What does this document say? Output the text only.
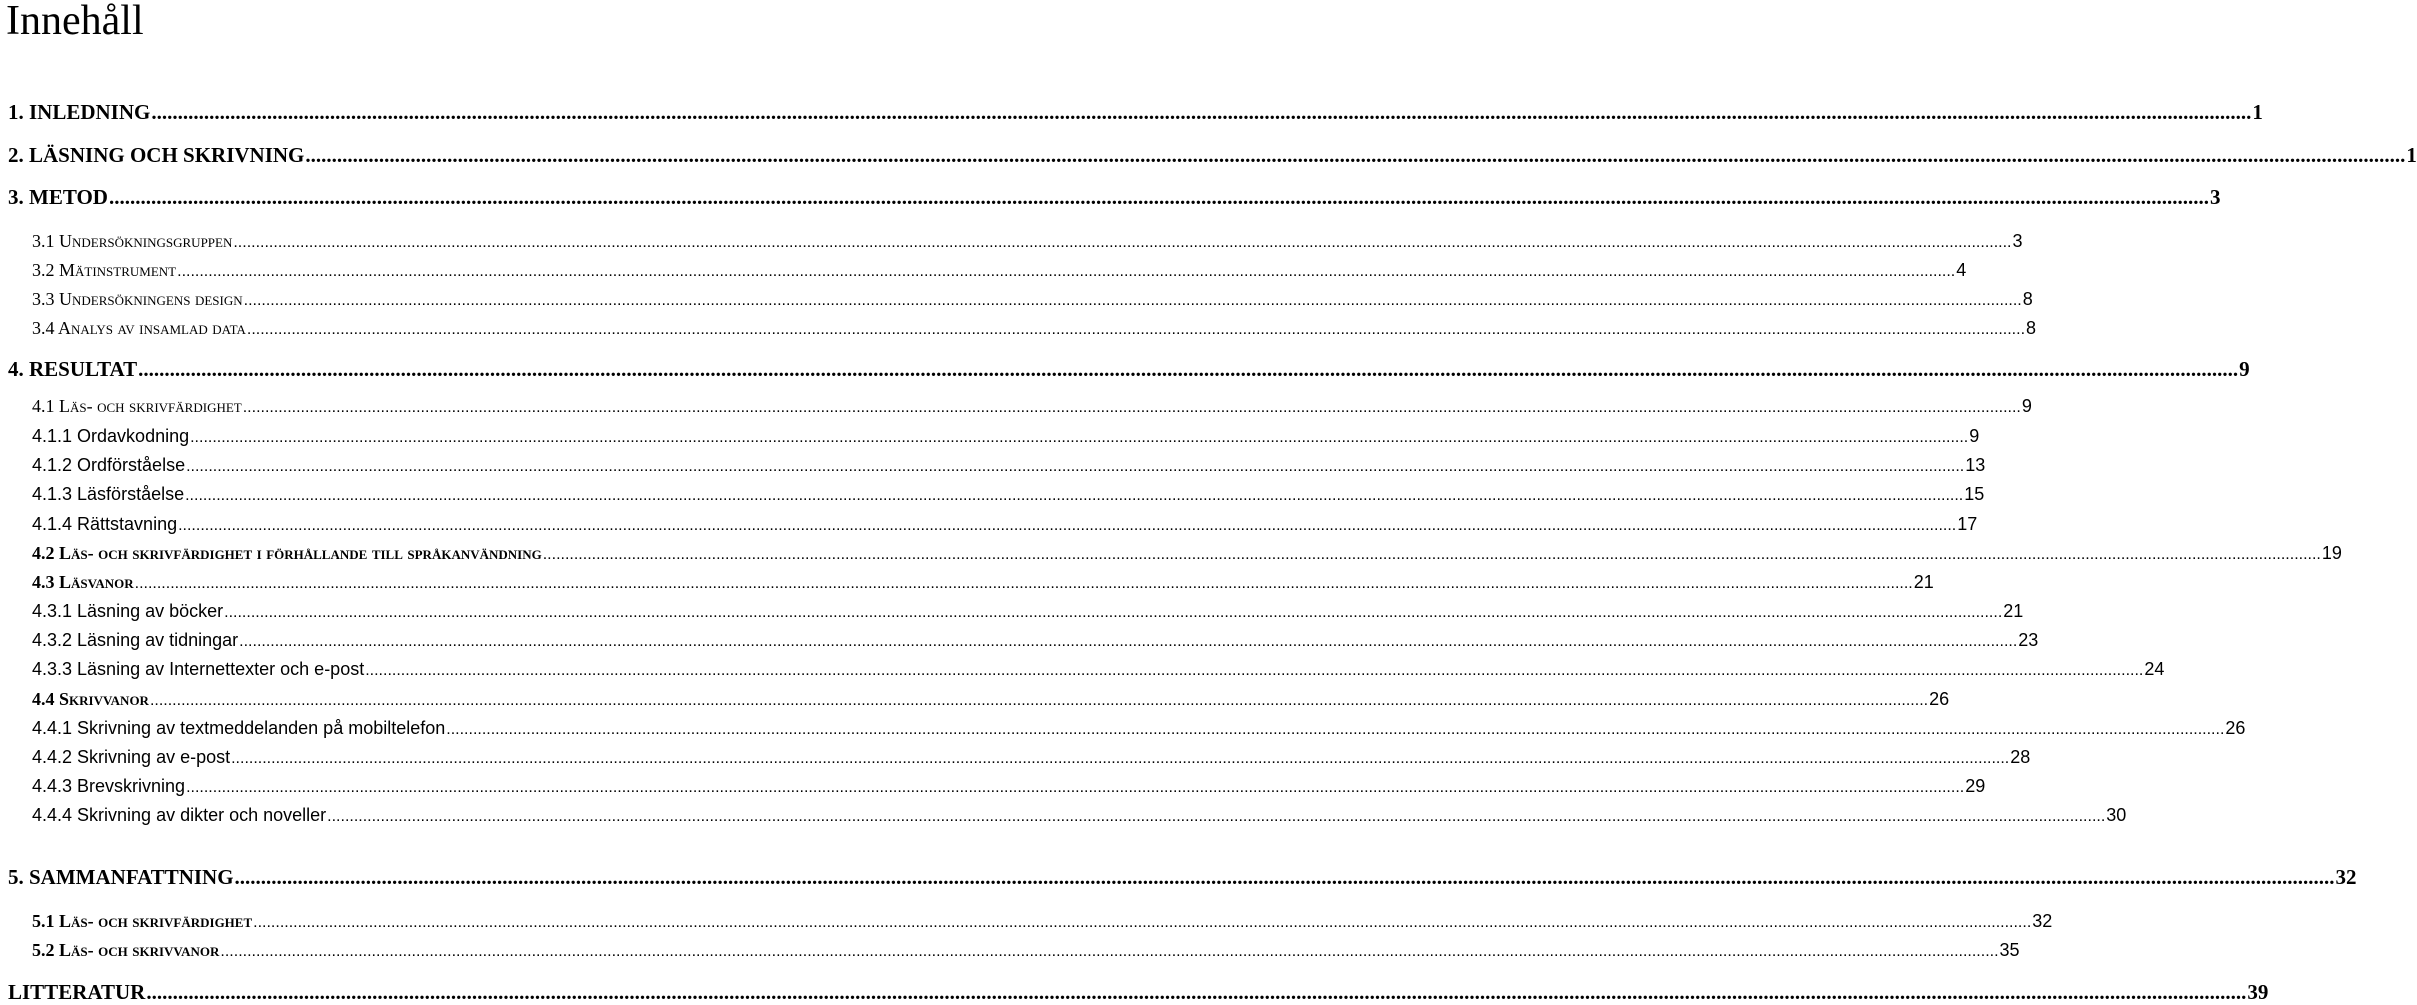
Innehåll
1. INLEDNING ................................................................................................................................................................................................................................................................................................................................................................................................................ 1
2. LÄSNING OCH SKRIVNING ................................................................................................................................................................................................................................................................................................................................................................................................................ 1
3. METOD ................................................................................................................................................................................................................................................................................................................................................................................................................ 3
3.1 Undersökningsgruppen ................................................................................................................................................................................................................................................................................................................................................................................................................ 3
3.2 Mätinstrument ................................................................................................................................................................................................................................................................................................................................................................................................................ 4
3.3 Undersökningens design ................................................................................................................................................................................................................................................................................................................................................................................................................ 8
3.4 Analys av insamlad data ................................................................................................................................................................................................................................................................................................................................................................................................................ 8
4. RESULTAT ................................................................................................................................................................................................................................................................................................................................................................................................................ 9
4.1 Läs- och skrivfärdighet ................................................................................................................................................................................................................................................................................................................................................................................................................ 9
4.1.1 Ordavkodning ................................................................................................................................................................................................................................................................................................................................................................................................................ 9
4.1.2 Ordförståelse ................................................................................................................................................................................................................................................................................................................................................................................................................ 13
4.1.3 Läsförståelse ................................................................................................................................................................................................................................................................................................................................................................................................................ 15
4.1.4 Rättstavning ................................................................................................................................................................................................................................................................................................................................................................................................................ 17
4.2 Läs- och skrivfärdighet i förhållande till språkanvändning ................................................................................................................................................................................................................................................................................................................................................................................................................ 19
4.3 Läsvanor ................................................................................................................................................................................................................................................................................................................................................................................................................ 21
4.3.1 Läsning av böcker ................................................................................................................................................................................................................................................................................................................................................................................................................ 21
4.3.2 Läsning av tidningar ................................................................................................................................................................................................................................................................................................................................................................................................................ 23
4.3.3 Läsning av Internettexter och e-post ................................................................................................................................................................................................................................................................................................................................................................................................................ 24
4.4 Skrivvanor ................................................................................................................................................................................................................................................................................................................................................................................................................ 26
4.4.1 Skrivning av textmeddelanden på mobiltelefon ................................................................................................................................................................................................................................................................................................................................................................................................................ 26
4.4.2 Skrivning av e-post ................................................................................................................................................................................................................................................................................................................................................................................................................ 28
4.4.3 Brevskrivning ................................................................................................................................................................................................................................................................................................................................................................................................................ 29
4.4.4 Skrivning av dikter och noveller ................................................................................................................................................................................................................................................................................................................................................................................................................ 30
5. SAMMANFATTNING ................................................................................................................................................................................................................................................................................................................................................................................................................ 32
5.1 Läs- och skrivfärdighet ................................................................................................................................................................................................................................................................................................................................................................................................................ 32
5.2 Läs- och skrivvanor ................................................................................................................................................................................................................................................................................................................................................................................................................ 35
LITTERATUR ................................................................................................................................................................................................................................................................................................................................................................................................................ 39
